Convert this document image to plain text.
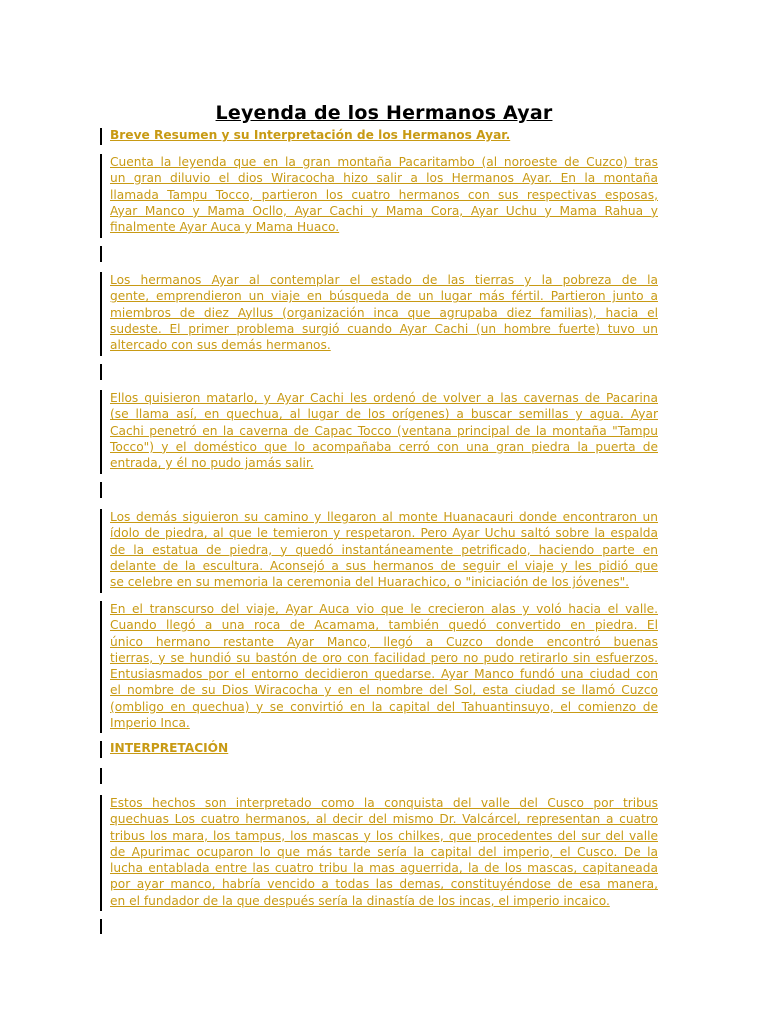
Leyenda de los Hermanos Ayar
Breve Resumen y su Interpretación de los Hermanos Ayar.
Cuenta la leyenda que en la gran montaña Pacaritambo (al noroeste de Cuzco) tras
un gran diluvio el dios Wiracocha hizo salir a los Hermanos Ayar. En la montaña
llamada Tampu Tocco, partieron los cuatro hermanos con sus respectivas esposas,
Ayar Manco y Mama Ocllo, Ayar Cachi y Mama Cora, Ayar Uchu y Mama Rahua y
finalmente Ayar Auca y Mama Huaco.
Los hermanos Ayar al contemplar el estado de las tierras y la pobreza de la
gente, emprendieron un viaje en búsqueda de un lugar más fértil. Partieron junto a
miembros de diez Ayllus (organización inca que agrupaba diez familias), hacia el
sudeste. El primer problema surgió cuando Ayar Cachi (un hombre fuerte) tuvo un
altercado con sus demás hermanos.
Ellos quisieron matarlo, y Ayar Cachi les ordenó de volver a las cavernas de Pacarina
(se llama así, en quechua, al lugar de los orígenes) a buscar semillas y agua. Ayar
Cachi penetró en la caverna de Capac Tocco (ventana principal de la montaña "Tampu
Tocco") y el doméstico que lo acompañaba cerró con una gran piedra la puerta de
entrada, y él no pudo jamás salir.
Los demás siguieron su camino y llegaron al monte Huanacauri donde encontraron un
ídolo de piedra, al que le temieron y respetaron. Pero Ayar Uchu saltó sobre la espalda
de la estatua de piedra, y quedó instantáneamente petrificado, haciendo parte en
delante de la escultura. Aconsejó a sus hermanos de seguir el viaje y les pidió que
se celebre en su memoria la ceremonia del Huarachico, o "iniciación de los jóvenes".
En el transcurso del viaje, Ayar Auca vio que le crecieron alas y voló hacia el valle.
Cuando llegó a una roca de Acamama, también quedó convertido en piedra. El
único hermano restante Ayar Manco, llegó a Cuzco donde encontró buenas
tierras, y se hundió su bastón de oro con facilidad pero no pudo retirarlo sin esfuerzos.
Entusiasmados por el entorno decidieron quedarse. Ayar Manco fundó una ciudad con
el nombre de su Dios Wiracocha y en el nombre del Sol, esta ciudad se llamó Cuzco
(ombligo en quechua) y se convirtió en la capital del Tahuantinsuyo, el comienzo de
Imperio Inca.
INTERPRETACIÓN
Estos hechos son interpretado como la conquista del valle del Cusco por tribus
quechuas Los cuatro hermanos, al decir del mismo Dr. Valcárcel, representan a cuatro
tribus los mara, los tampus, los mascas y los chilkes, que procedentes del sur del valle
de Apurimac ocuparon lo que más tarde sería la capital del imperio, el Cusco. De la
lucha entablada entre las cuatro tribu la mas aguerrida, la de los mascas, capitaneada
por ayar manco, habría vencido a todas las demas, constituyéndose de esa manera,
en el fundador de la que después sería la dinastía de los incas, el imperio incaico.
